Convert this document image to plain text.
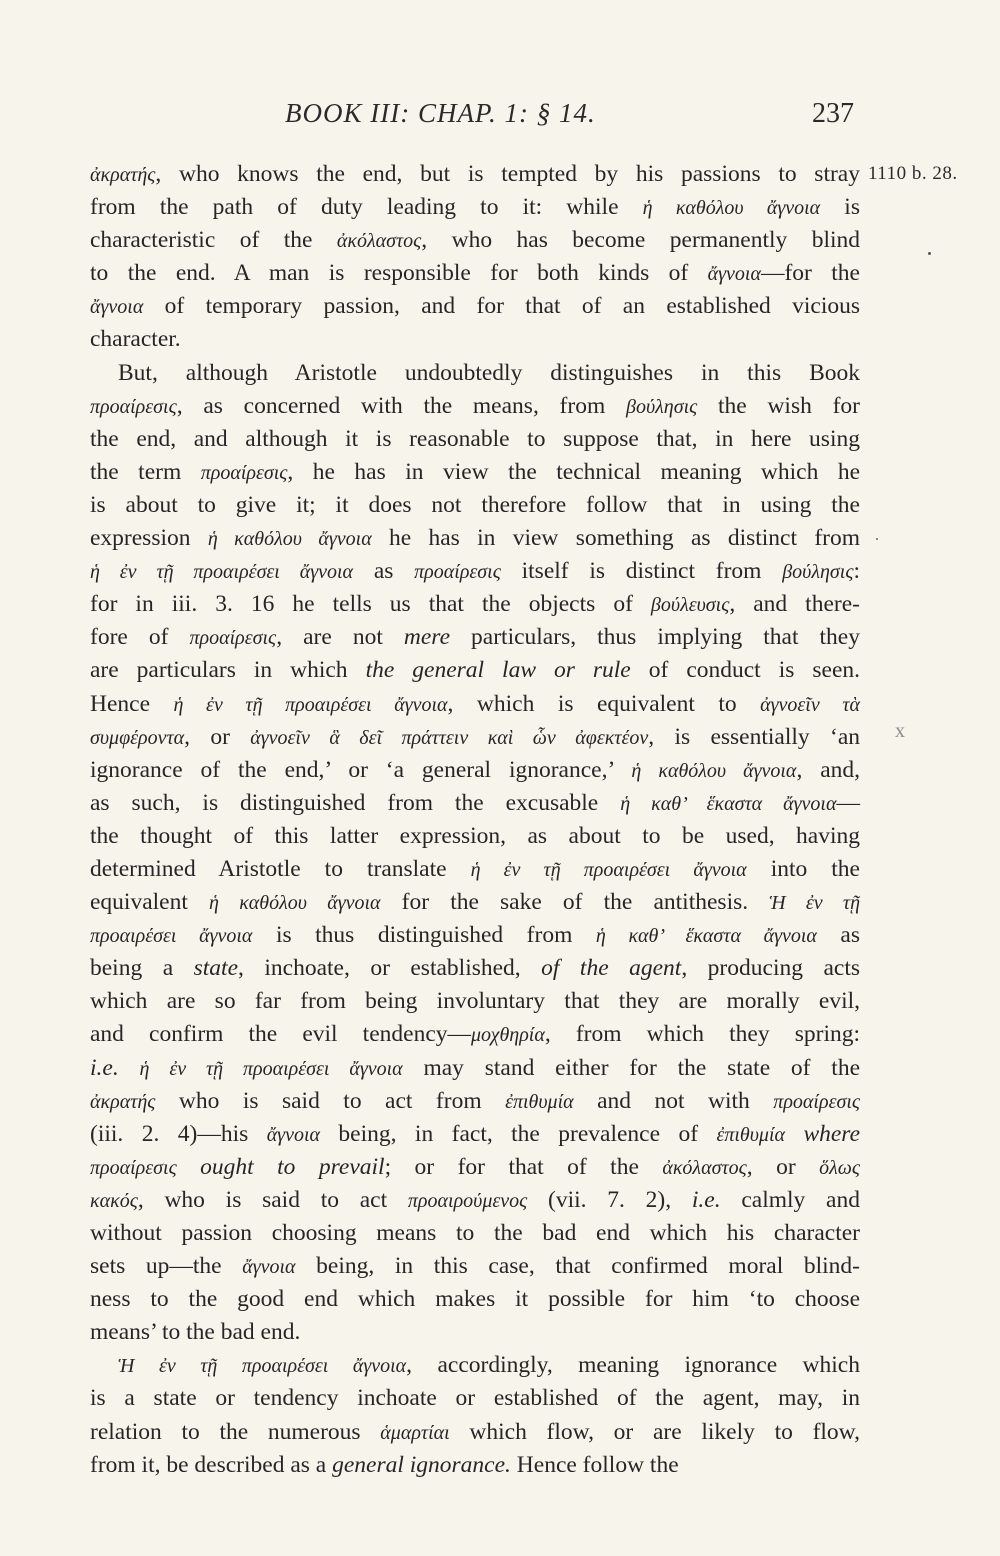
BOOK III: CHAP. 1: § 14.	237
1110 b. 28.
x
ἀκρατής, who knows the end, but is tempted by his passions to stray
from the path of duty leading to it: while ἡ καθόλου ἄγνοια is
characteristic of the ἀκόλαστος, who has become permanently blind
to the end. A man is responsible for both kinds of ἄγνοια—for the
ἄγνοια of temporary passion, and for that of an established vicious
character.
But, although Aristotle undoubtedly distinguishes in this Book
προαίρεσις, as concerned with the means, from βούλησις the wish for
the end, and although it is reasonable to suppose that, in here using
the term προαίρεσις, he has in view the technical meaning which he
is about to give it; it does not therefore follow that in using the
expression ἡ καθόλου ἄγνοια he has in view something as distinct from
ἡ ἐν τῇ προαιρέσει ἄγνοια as προαίρεσις itself is distinct from βούλησις:
for in iii. 3. 16 he tells us that the objects of βούλευσις, and there-
fore of προαίρεσις, are not mere particulars, thus implying that they
are particulars in which the general law or rule of conduct is seen.
Hence ἡ ἐν τῇ προαιρέσει ἄγνοια, which is equivalent to ἀγνοεῖν τὰ
συμφέροντα, or ἀγνοεῖν ἃ δεῖ πράττειν καὶ ὧν ἀφεκτέον, is essentially ‘an
ignorance of the end,’ or ‘a general ignorance,’ ἡ καθόλου ἄγνοια, and,
as such, is distinguished from the excusable ἡ καθ’ ἕκαστα ἄγνοια—
the thought of this latter expression, as about to be used, having
determined Aristotle to translate ἡ ἐν τῇ προαιρέσει ἄγνοια into the
equivalent ἡ καθόλου ἄγνοια for the sake of the antithesis. Ἡ ἐν τῇ
προαιρέσει ἄγνοια is thus distinguished from ἡ καθ’ ἕκαστα ἄγνοια as
being a state, inchoate, or established, of the agent, producing acts
which are so far from being involuntary that they are morally evil,
and confirm the evil tendency—μοχθηρία, from which they spring:
i.e. ἡ ἐν τῇ προαιρέσει ἄγνοια may stand either for the state of the
ἀκρατής who is said to act from ἐπιθυμία and not with προαίρεσις
(iii. 2. 4)—his ἄγνοια being, in fact, the prevalence of ἐπιθυμία where
προαίρεσις ought to prevail; or for that of the ἀκόλαστος, or ὅλως
κακός, who is said to act προαιρούμενος (vii. 7. 2), i.e. calmly and
without passion choosing means to the bad end which his character
sets up—the ἄγνοια being, in this case, that confirmed moral blind-
ness to the good end which makes it possible for him ‘to choose
means’ to the bad end.
Ἡ ἐν τῇ προαιρέσει ἄγνοια, accordingly, meaning ignorance which
is a state or tendency inchoate or established of the agent, may, in
relation to the numerous ἁμαρτίαι which flow, or are likely to flow,
from it, be described as a general ignorance. Hence follow the
